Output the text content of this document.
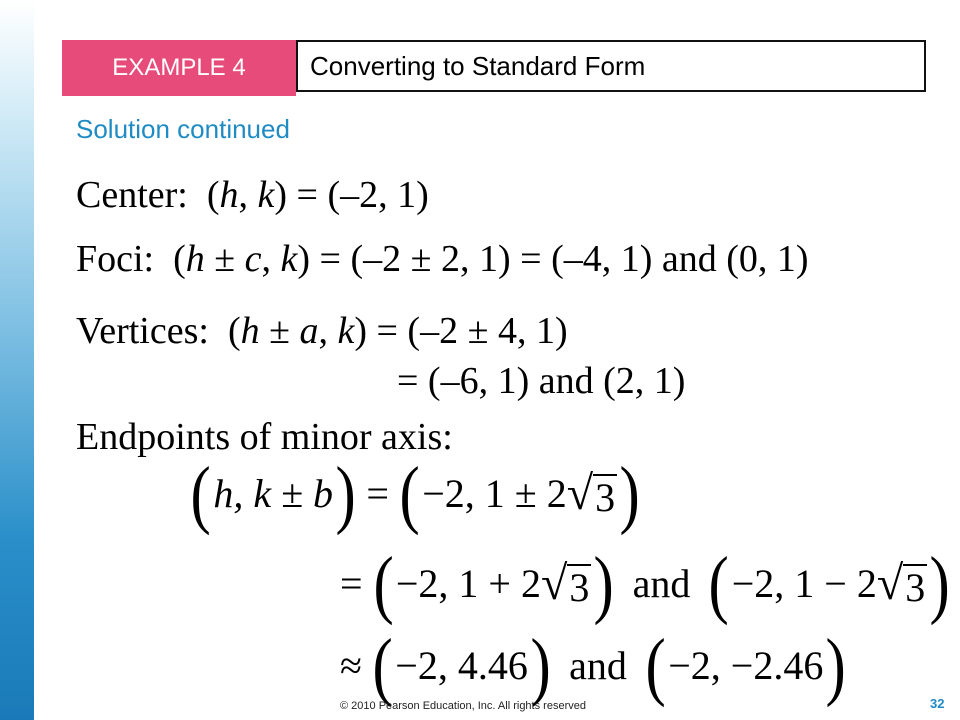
EXAMPLE 4	Converting to Standard Form
Solution continued
Center: (h, k) = (–2, 1)
Foci: (h ± c, k) = (–2 ± 2, 1) = (–4, 1) and (0, 1)
Vertices: (h ± a, k) = (–2 ± 4, 1)
= (–6, 1) and (2, 1)
Endpoints of minor axis:
( h, k ± b ) = ( −2, 1 ± 2 √ 3 )
= ( −2, 1 + 2 √ 3 ) and ( −2, 1 − 2 √ 3 )
≈ ( −2, 4.46 ) and ( −2, −2.46 )
© 2010 Pearson Education, Inc. All rights reserved	32
